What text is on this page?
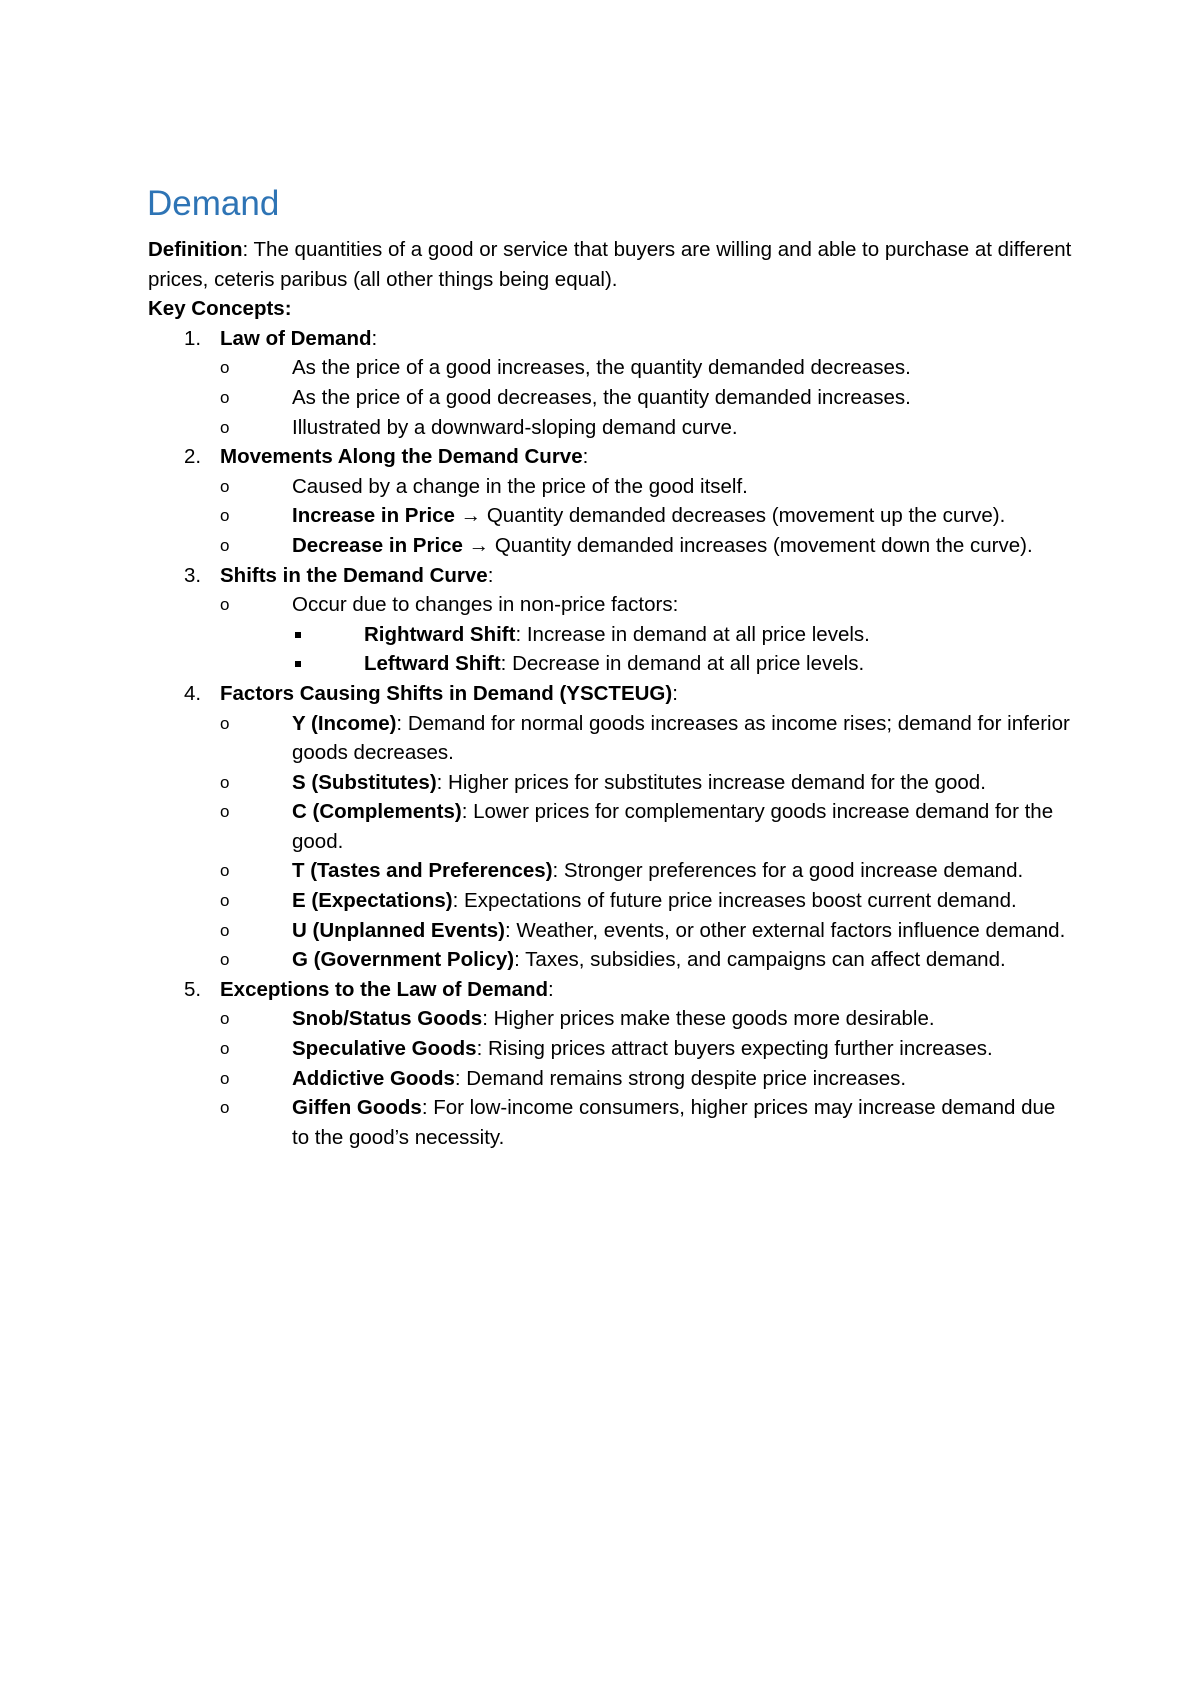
Demand

Definition: The quantities of a good or service that buyers are willing and able to purchase at different prices, ceteris paribus (all other things being equal).

Key Concepts:

1. Law of Demand:
o	As the price of a good increases, the quantity demanded decreases.
o	As the price of a good decreases, the quantity demanded increases.
o	Illustrated by a downward-sloping demand curve.
2. Movements Along the Demand Curve:
o	Caused by a change in the price of the good itself.
o	Increase in Price → Quantity demanded decreases (movement up the curve).
o	Decrease in Price → Quantity demanded increases (movement down the curve).
3. Shifts in the Demand Curve:
o	Occur due to changes in non-price factors:
Rightward Shift: Increase in demand at all price levels.
Leftward Shift: Decrease in demand at all price levels.
4. Factors Causing Shifts in Demand (YSCTEUG):
o	Y (Income): Demand for normal goods increases as income rises; demand for inferior goods decreases.
o	S (Substitutes): Higher prices for substitutes increase demand for the good.
o	C (Complements): Lower prices for complementary goods increase demand for the good.
o	T (Tastes and Preferences): Stronger preferences for a good increase demand.
o	E (Expectations): Expectations of future price increases boost current demand.
o	U (Unplanned Events): Weather, events, or other external factors influence demand.
o	G (Government Policy): Taxes, subsidies, and campaigns can affect demand.
5. Exceptions to the Law of Demand:
o	Snob/Status Goods: Higher prices make these goods more desirable.
o	Speculative Goods: Rising prices attract buyers expecting further increases.
o	Addictive Goods: Demand remains strong despite price increases.
o	Giffen Goods: For low-income consumers, higher prices may increase demand due to the good’s necessity.
